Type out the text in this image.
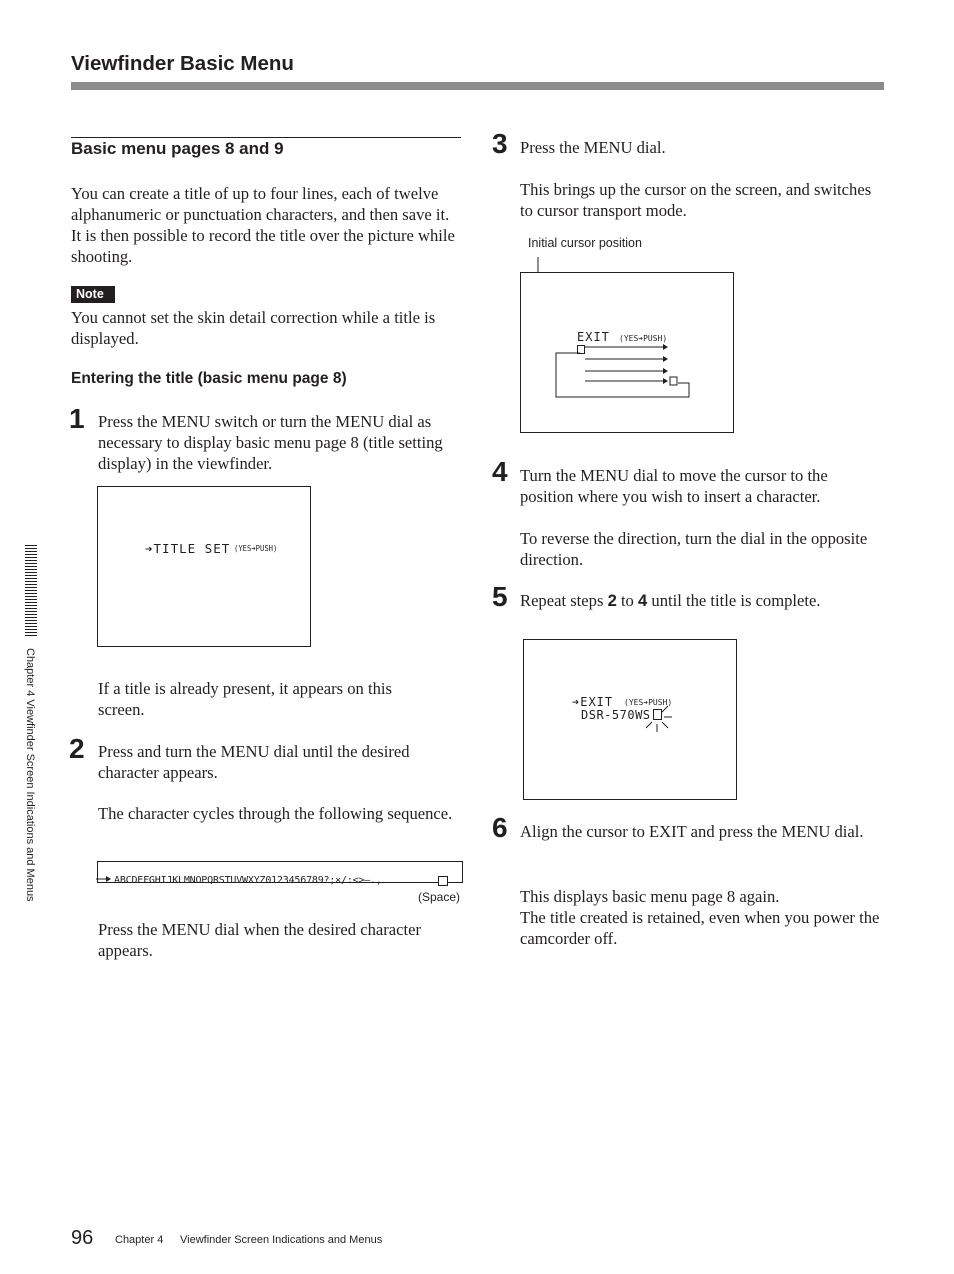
Viewfinder Basic Menu
Basic menu pages 8 and 9
You can create a title of up to four lines, each of twelve alphanumeric or punctuation characters, and then save it. It is then possible to record the title over the picture while shooting.
Note
You cannot set the skin detail correction while a title is displayed.
Entering the title (basic menu page 8)
1 Press the MENU switch or turn the MENU dial as necessary to display basic menu page 8 (title setting display) in the viewfinder.
➔TITLE SET (YES➔PUSH)
If a title is already present, it appears on this screen.
2 Press and turn the MENU dial until the desired character appears.
The character cycles through the following sequence.
ABCDEFGHIJKLMNOPQRSTUVWXYZ0123456789?;×/:<>–.,
(Space)
Press the MENU dial when the desired character appears.
3 Press the MENU dial.
This brings up the cursor on the screen, and switches to cursor transport mode.
Initial cursor position
EXIT (YES➔PUSH)
4 Turn the MENU dial to move the cursor to the position where you wish to insert a character.
To reverse the direction, turn the dial in the opposite direction.
5 Repeat steps 2 to 4 until the title is complete.
➔EXIT (YES➔PUSH)
DSR-570WS
6 Align the cursor to EXIT and press the MENU dial.
This displays basic menu page 8 again.
The title created is retained, even when you power the camcorder off.
Chapter 4 Viewfinder Screen Indications and Menus
96 Chapter 4 Viewfinder Screen Indications and Menus
